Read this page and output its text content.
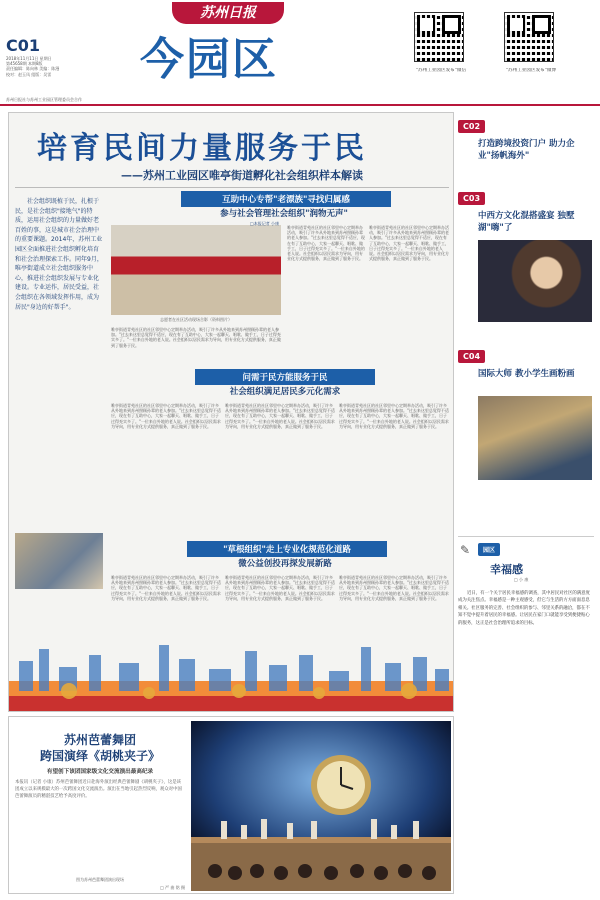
苏州日报
C01
2018年11月11日 星期日
第45658期 本期8版
责任编辑：陈向林 美编：陈漫
校对：赵玉凤 组版：吴雷
苏州日报社与苏州工业园区管理委员会合作
今园区	"苏州工业园区发布"微信	"苏州工业园区发布"微博
培育民间力量服务于民
——苏州工业园区唯亭街道孵化社会组织样本解读
社会组织既植于民，扎根于民，是社会组织"接地气"的特质，运用社会组织的力量做好老百姓的事，这是城市社会治理中的重要课题。2014年，苏州工业园区全面推进社会组织孵化培育和社会治理探索工作。同年9月，唯亭街道成立社会组织服务中心，推进社会组织发展与专业化建设。专业运作，居民受益，社会组织在各领域发挥作用，成为居民"身边的好帮手"。
互助中心专帮"老漂族"寻找归属感
参与社会管理社会组织"润物无声"
志愿者在社区活动现场合影（资料图片）
□本报记者 小康
唯亭街道青苑社区的社区邻里中心定期举办活动，吸引了许多从外地来到苏州照顾孙辈的老人参加。"过去来这里总觉得不适应，现在有了互助中心，大家一起聊天、唱歌、做手工，日子过得充实多了。"一位来自外地的老人说。社会组织以居民需求为导向，用专业化方式提供服务，真正做到了服务于民。
唯亭街道青苑社区的社区邻里中心定期举办活动，吸引了许多从外地来到苏州照顾孙辈的老人参加。"过去来这里总觉得不适应，现在有了互助中心，大家一起聊天、唱歌、做手工，日子过得充实多了。"一位来自外地的老人说。社会组织以居民需求为导向，用专业化方式提供服务，真正做到了服务于民。
唯亭街道青苑社区的社区邻里中心定期举办活动，吸引了许多从外地来到苏州照顾孙辈的老人参加。"过去来这里总觉得不适应，现在有了互助中心，大家一起聊天、唱歌、做手工，日子过得充实多了。"一位来自外地的老人说。社会组织以居民需求为导向，用专业化方式提供服务，真正做到了服务于民。
问需于民方能服务于民
社会组织满足居民多元化需求
唯亭街道青苑社区的社区邻里中心定期举办活动，吸引了许多从外地来到苏州照顾孙辈的老人参加。"过去来这里总觉得不适应，现在有了互助中心，大家一起聊天、唱歌、做手工，日子过得充实多了。"一位来自外地的老人说。社会组织以居民需求为导向，用专业化方式提供服务，真正做到了服务于民。
唯亭街道青苑社区的社区邻里中心定期举办活动，吸引了许多从外地来到苏州照顾孙辈的老人参加。"过去来这里总觉得不适应，现在有了互助中心，大家一起聊天、唱歌、做手工，日子过得充实多了。"一位来自外地的老人说。社会组织以居民需求为导向，用专业化方式提供服务，真正做到了服务于民。
唯亭街道青苑社区的社区邻里中心定期举办活动，吸引了许多从外地来到苏州照顾孙辈的老人参加。"过去来这里总觉得不适应，现在有了互助中心，大家一起聊天、唱歌、做手工，日子过得充实多了。"一位来自外地的老人说。社会组织以居民需求为导向，用专业化方式提供服务，真正做到了服务于民。
"草根组织"走上专业化规范化道路
微公益创投再探发展新路
唯亭街道青苑社区的社区邻里中心定期举办活动，吸引了许多从外地来到苏州照顾孙辈的老人参加。"过去来这里总觉得不适应，现在有了互助中心，大家一起聊天、唱歌、做手工，日子过得充实多了。"一位来自外地的老人说。社会组织以居民需求为导向，用专业化方式提供服务，真正做到了服务于民。
唯亭街道青苑社区的社区邻里中心定期举办活动，吸引了许多从外地来到苏州照顾孙辈的老人参加。"过去来这里总觉得不适应，现在有了互助中心，大家一起聊天、唱歌、做手工，日子过得充实多了。"一位来自外地的老人说。社会组织以居民需求为导向，用专业化方式提供服务，真正做到了服务于民。
唯亭街道青苑社区的社区邻里中心定期举办活动，吸引了许多从外地来到苏州照顾孙辈的老人参加。"过去来这里总觉得不适应，现在有了互助中心，大家一起聊天、唱歌、做手工，日子过得充实多了。"一位来自外地的老人说。社会组织以居民需求为导向，用专业化方式提供服务，真正做到了服务于民。
C02
打造跨境投资门户 助力企业"扬帆海外"
C03
中西方文化混搭盛宴 独墅湖"嗨"了
C04
国际大师 教小学生画粉画
✎	园区
幸福感
□ 小 康
近日，有一个关于居民幸福感的调查，其中居民对社区的满意度成为关注焦点。幸福感是一种主观感受，但它与生活的方方面面息息相关。社区服务的完善、社会组织的参与、邻里关系的融洽，都在不知不觉中提升着居民的幸福感。让居民在家门口就能享受到便捷贴心的服务，这正是社会治理所追求的目标。
苏州芭蕾舞团
跨国演绎《胡桃夹子》
有望创下该团国家级文化交流演出最高纪录
本报讯（记者 小康）苏州芭蕾舞团近日赴海外演出经典芭蕾舞剧《胡桃夹子》，这是该团成立以来规模最大的一次跨国文化交流演出。演出在当地引起热烈反响，观众对中国芭蕾舞演员的精湛技艺给予高度评价。
图为苏州芭蕾舞团演出现场
□ 严 曲 铭 摄
